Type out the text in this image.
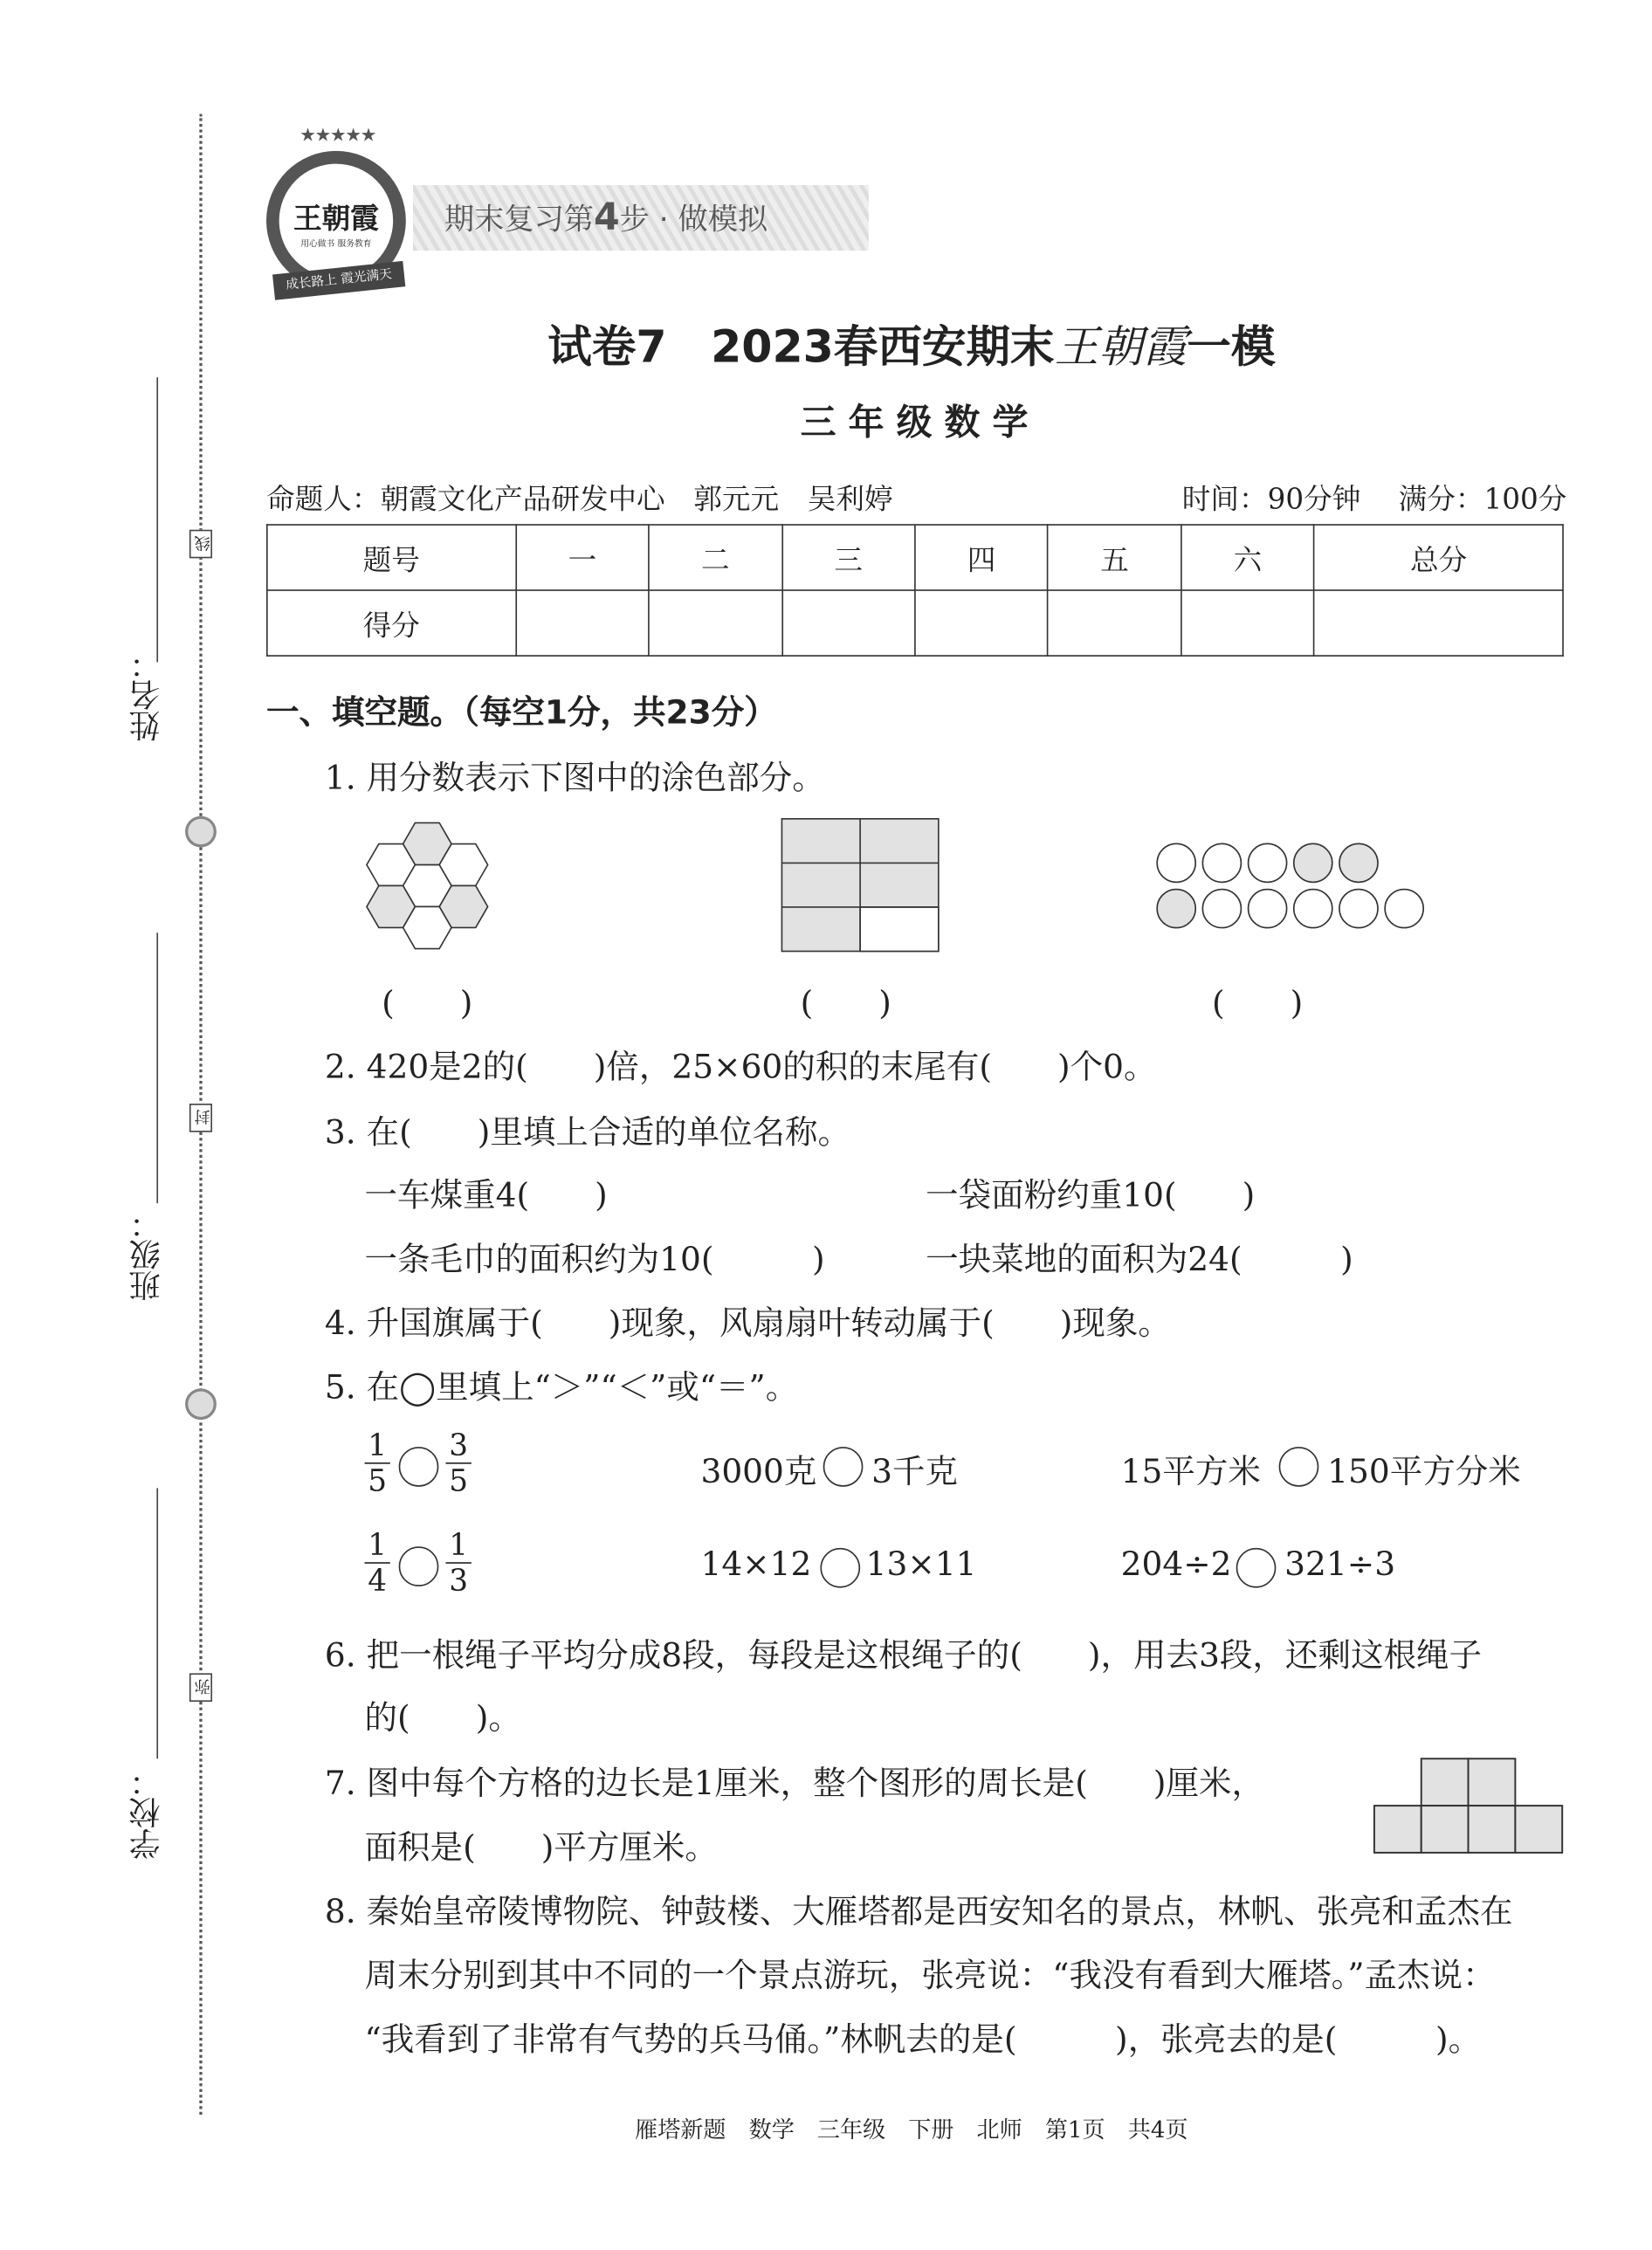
姓名：
班级：
学校：
线
封
弥
★★★★★
王朝霞
用心做书 服务教育
成长路上 霞光满天
期末复习第4步 · 做模拟
试卷7　2023春西安期末王朝霞一模
三 年 级 数 学
命题人：朝霞文化产品研发中心　郭元元　吴利婷	时间：90分钟 满分：100分
题号	一	二	三	四	五	六	总分
得分							
一、填空题。（每空1分，共23分）
1. 用分数表示下图中的涂色部分。
(　　)	(　　)	(　　)
2. 420是2的(　　)倍，25×60的积的末尾有(　　)个0。
3. 在(　　)里填上合适的单位名称。
一车煤重4(　　)	一袋面粉约重10(　　)
一条毛巾的面积约为10(　　　)	一块菜地的面积为24(　　　)
4. 升国旗属于(　　)现象，风扇扇叶转动属于(　　)现象。
5. 在◯里填上“＞”“＜”或“＝”。
$\frac{1}{5}$	$\frac{3}{5}$	3000克	3千克	15平方米	150平方分米
$\frac{1}{4}$	$\frac{1}{3}$	14×12	13×11	204÷2	321÷3
6. 把一根绳子平均分成8段，每段是这根绳子的(　　)，用去3段，还剩这根绳子
的(　　)。
7. 图中每个方格的边长是1厘米，整个图形的周长是(　　)厘米，
面积是(　　)平方厘米。
8. 秦始皇帝陵博物院、钟鼓楼、大雁塔都是西安知名的景点，林帆、张亮和孟杰在
周末分别到其中不同的一个景点游玩，张亮说：“我没有看到大雁塔。”孟杰说：
“我看到了非常有气势的兵马俑。”林帆去的是(　　　)，张亮去的是(　　　)。
雁塔新题　数学　三年级　下册　北师　第1页　共4页
